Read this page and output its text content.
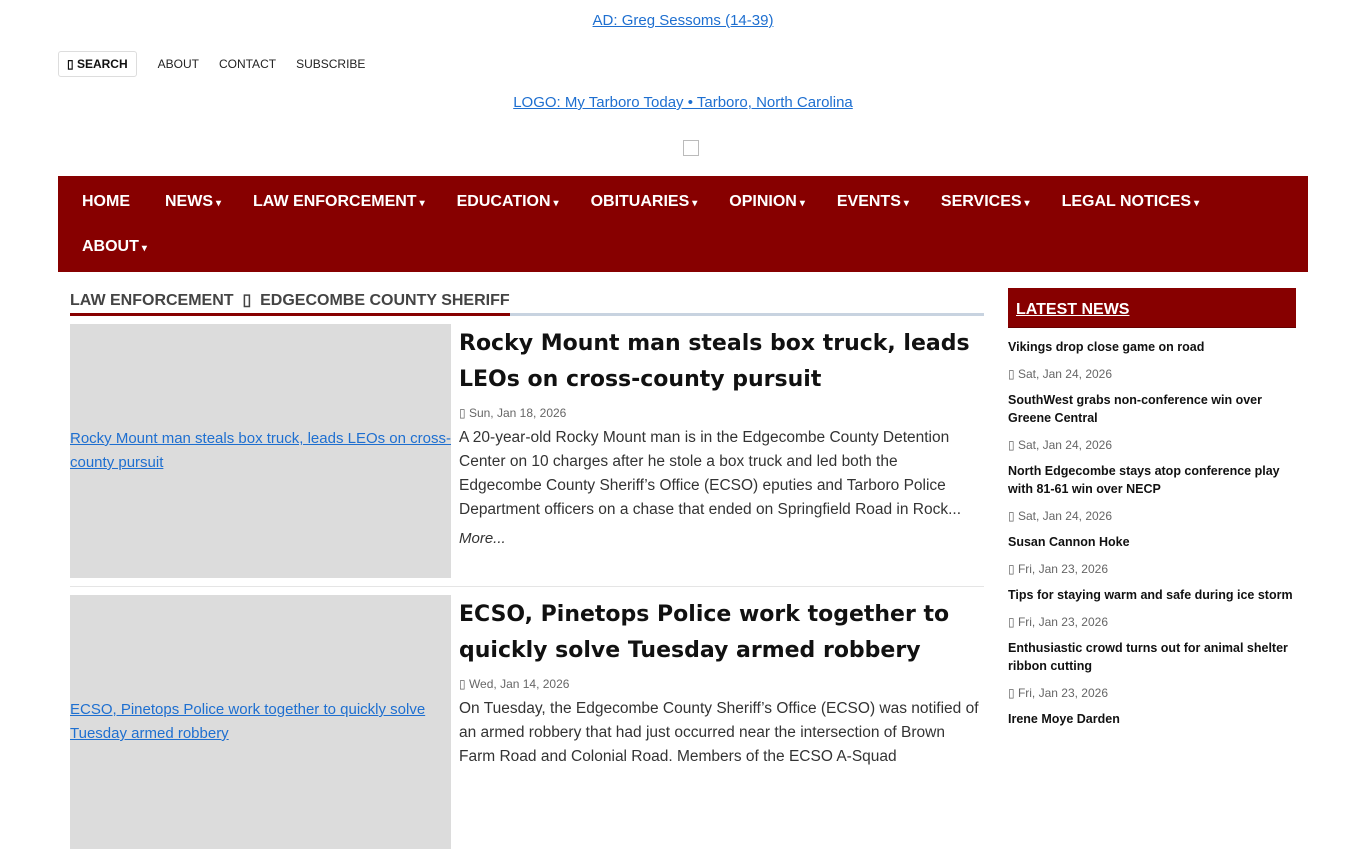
AD: Greg Sessoms (14-39)
▯ SEARCH	ABOUT CONTACT SUBSCRIBE
LOGO: My Tarboro Today • Tarboro, North Carolina
HOME	NEWS ▾	LAW ENFORCEMENT ▾	EDUCATION ▾	OBITUARIES ▾	OPINION ▾	EVENTS ▾	SERVICES ▾	LEGAL NOTICES ▾
ABOUT ▾
LAW ENFORCEMENT  ▯  EDGECOMBE COUNTY SHERIFF
Rocky Mount man steals box truck, leads LEOs on cross-county pursuit
Rocky Mount man steals box truck, leads LEOs on cross-county pursuit
▯ Sun, Jan 18, 2026
A 20-year-old Rocky Mount man is in the Edgecombe County Detention Center on 10 charges after he stole a box truck and led both the Edgecombe County Sheriff’s Office (ECSO) eputies and Tarboro Police Department officers on a chase that ended on Springfield Road in Rock...
More...
ECSO, Pinetops Police work together to quickly solve Tuesday armed robbery
ECSO, Pinetops Police work together to quickly solve Tuesday armed robbery
▯ Wed, Jan 14, 2026
On Tuesday, the Edgecombe County Sheriff’s Office (ECSO) was notified of an armed robbery that had just occurred near the intersection of Brown Farm Road and Colonial Road. Members of the ECSO A-Squad
LATEST NEWS
Vikings drop close game on road
▯ Sat, Jan 24, 2026
SouthWest grabs non-conference win over Greene Central
▯ Sat, Jan 24, 2026
North Edgecombe stays atop conference play with 81-61 win over NECP
▯ Sat, Jan 24, 2026
Susan Cannon Hoke
▯ Fri, Jan 23, 2026
Tips for staying warm and safe during ice storm
▯ Fri, Jan 23, 2026
Enthusiastic crowd turns out for animal shelter ribbon cutting
▯ Fri, Jan 23, 2026
Irene Moye Darden
